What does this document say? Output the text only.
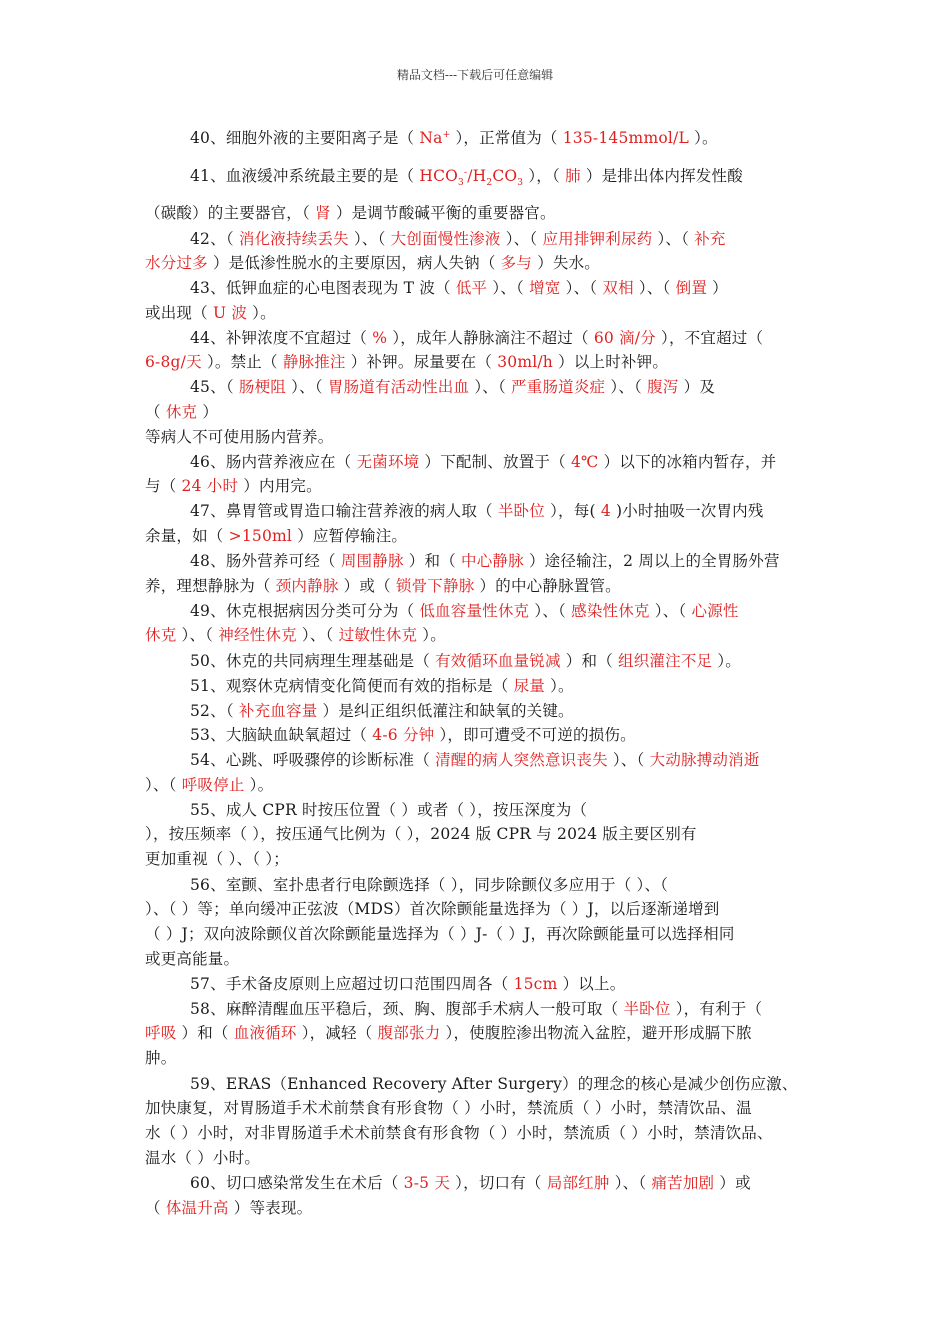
精品文档---下载后可任意编辑
40、细胞外液的主要阳离子是（ Na+ ），正常值为（ 135-145mmol/L ）。
41、血液缓冲系统最主要的是（ $HCO_3^-/H_2CO_3$ ），（ 肺 ）是排出体内挥发性酸
（碳酸）的主要器官，（ 肾 ）是调节酸碱平衡的重要器官。
42、（ 消化液持续丢失 ）、（ 大创面慢性渗液 ）、（ 应用排钾利尿药 ）、（ 补充
水分过多 ）是低渗性脱水的主要原因，病人失钠（ 多与 ）失水。
43、低钾血症的心电图表现为 T 波（ 低平 ）、（ 增宽 ）、（ 双相 ）、（ 倒置 ）
或出现（ U 波 ）。
44、补钾浓度不宜超过（ % ），成年人静脉滴注不超过（ 60 滴/分 ），不宜超过（
6-8g/天 ）。禁止（ 静脉推注 ）补钾。尿量要在（ 30ml/h ）以上时补钾。
45、（ 肠梗阻 ）、（ 胃肠道有活动性出血 ）、（ 严重肠道炎症 ）、（ 腹泻 ）及
（ 休克 ）
等病人不可使用肠内营养。
46、肠内营养液应在（ 无菌环境 ）下配制、放置于（ 4℃ ）以下的冰箱内暂存，并
与（ 24 小时 ）内用完。
47、鼻胃管或胃造口输注营养液的病人取（ 半卧位 ），每( 4 )小时抽吸一次胃内残
余量，如（ >150ml ）应暂停输注。
48、肠外营养可经（ 周围静脉 ）和（ 中心静脉 ）途径输注，2 周以上的全胃肠外营
养，理想静脉为（ 颈内静脉 ）或（ 锁骨下静脉 ）的中心静脉置管。
49、休克根据病因分类可分为（ 低血容量性休克 ）、（ 感染性休克 ）、（ 心源性
休克 ）、（ 神经性休克 ）、（ 过敏性休克 ）。
50、休克的共同病理生理基础是（ 有效循环血量锐减 ）和（ 组织灌注不足 ）。
51、观察休克病情变化简便而有效的指标是（ 尿量 ）。
52、（ 补充血容量 ）是纠正组织低灌注和缺氧的关键。
53、大脑缺血缺氧超过（ 4-6 分钟 ），即可遭受不可逆的损伤。
54、心跳、呼吸骤停的诊断标准（ 清醒的病人突然意识丧失 ）、（ 大动脉搏动消逝
）、（ 呼吸停止 ）。
55、成人 CPR 时按压位置（ ）或者（ ），按压深度为（
），按压频率（ ），按压通气比例为（ ），2024 版 CPR 与 2024 版主要区别有
更加重视（ ）、（ ）；
56、室颤、室扑患者行电除颤选择（ ），同步除颤仪多应用于（ ）、（
）、（ ）等；单向缓冲正弦波（MDS）首次除颤能量选择为（ ）J，以后逐渐递增到
（ ）J；双向波除颤仪首次除颤能量选择为（ ）J-（ ）J，再次除颤能量可以选择相同
或更高能量。
57、手术备皮原则上应超过切口范围四周各（ 15cm ）以上。
58、麻醉清醒血压平稳后，颈、胸、腹部手术病人一般可取（ 半卧位 ），有利于（
呼吸 ）和（ 血液循环 ），减轻（ 腹部张力 ），使腹腔渗出物流入盆腔，避开形成膈下脓
肿。
59、ERAS（Enhanced Recovery After Surgery）的理念的核心是减少创伤应激、
加快康复，对胃肠道手术术前禁食有形食物（ ）小时，禁流质（ ）小时，禁清饮品、温
水（ ）小时，对非胃肠道手术术前禁食有形食物（ ）小时，禁流质（ ）小时，禁清饮品、
温水（ ）小时。
60、切口感染常发生在术后（ 3-5 天 ），切口有（ 局部红肿 ）、（ 痛苦加剧 ）或
（ 体温升高 ）等表现。
